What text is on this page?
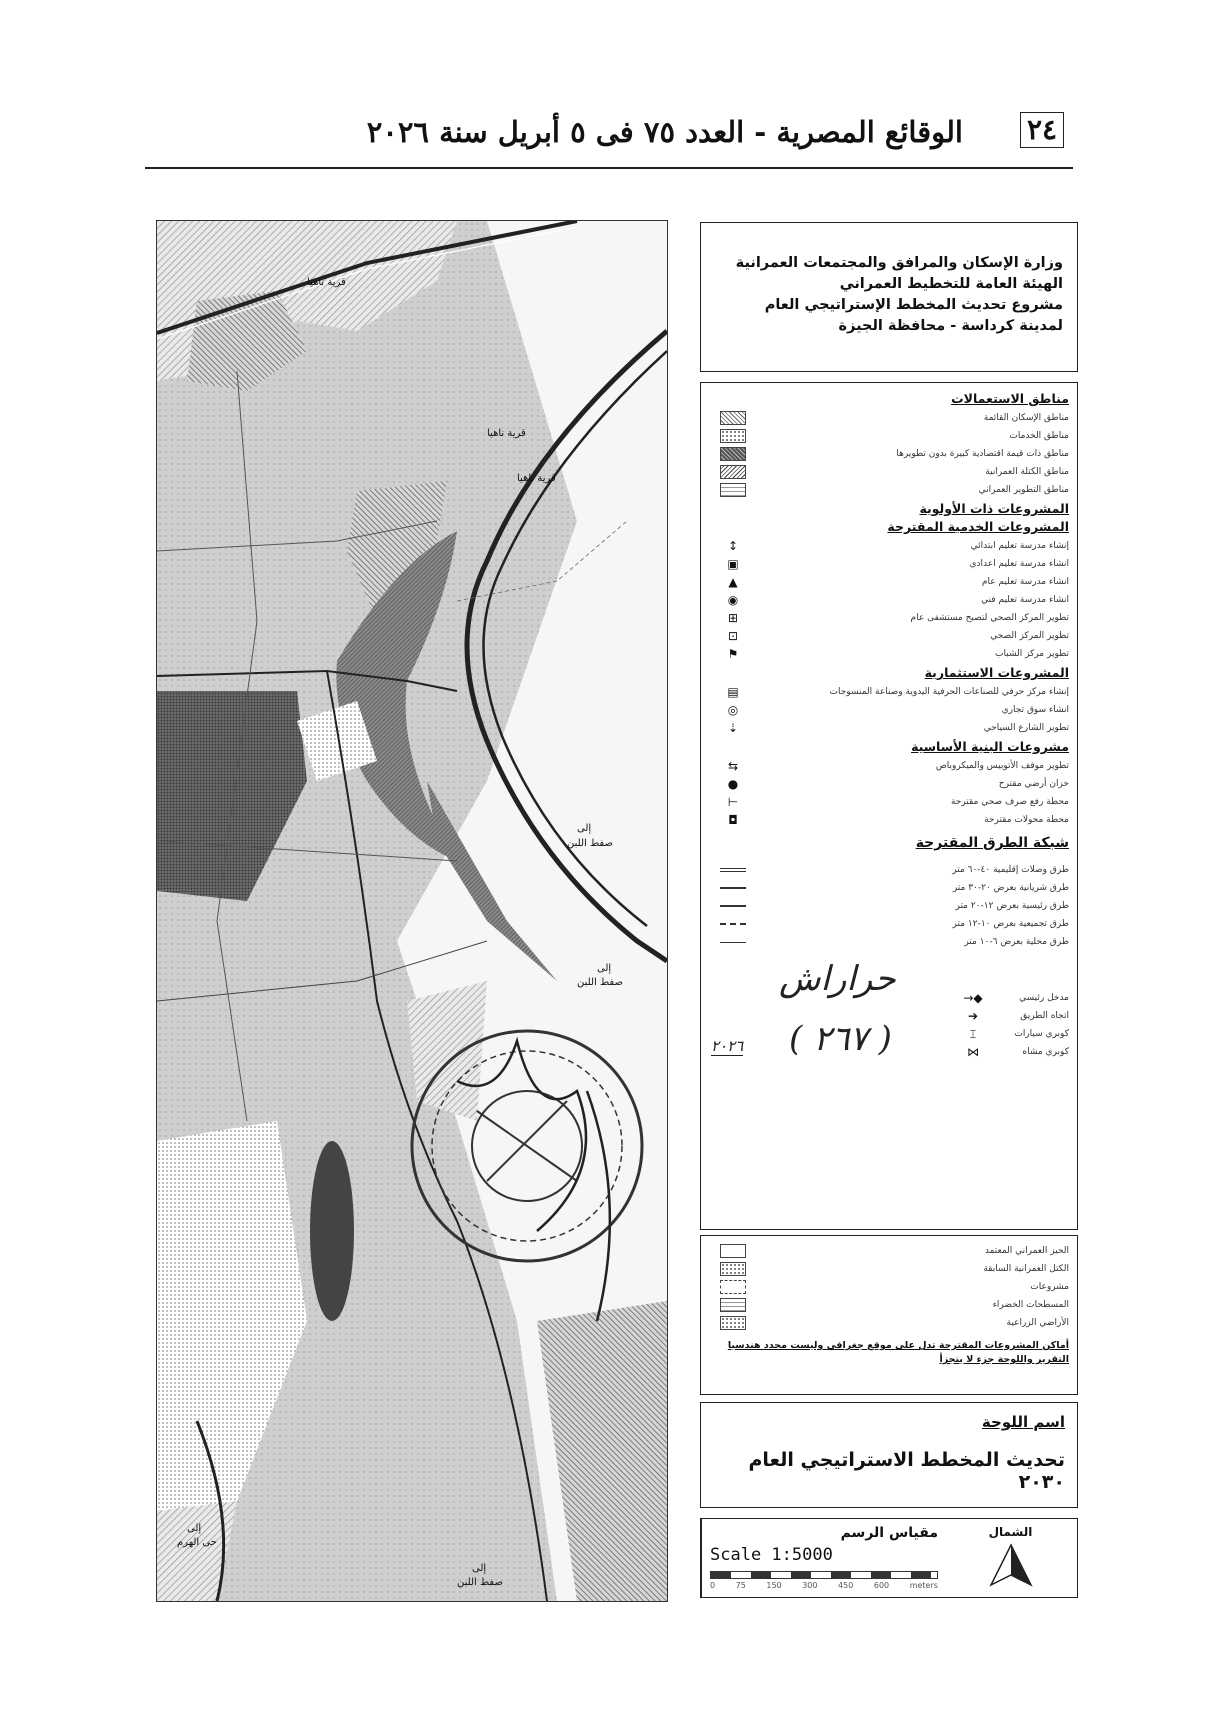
٢٤
الوقائع المصرية - العدد ٧٥ فى ٥ أبريل سنة ٢٠٢٦
قرية ناهيا
قرية ناهيا
قرية ناهيا
إلى
صفط اللبن
إلى
صفط اللبن
إلى
حى الهرم
إلى
صفط اللبن
وزارة الإسكان والمرافق والمجتمعات العمرانية
الهيئة العامة للتخطيط العمراني
مشروع تحديث المخطط الإستراتيجي العام
لمدينة كرداسة - محافظة الجيزة
مناطق الاستعمالات
مناطق الإسكان القائمة
مناطق الخدمات
مناطق ذات قيمة اقتصادية كبيرة بدون تطويرها
مناطق الكتلة العمرانية
مناطق التطوير العمراني
المشروعات ذات الأولوية
المشروعات الخدمية المقترحة
↕	إنشاء مدرسة تعليم ابتدائي
▣	انشاء مدرسة تعليم اعدادي
▲	انشاء مدرسة تعليم عام
◉	انشاء مدرسة تعليم فني
⊞	تطوير المركز الصحي لتصبح مستشفى عام
⊡	تطوير المركز الصحي
⚑	تطوير مركز الشباب
المشروعات الاستثمارية
▤	إنشاء مركز حرفي للصناعات الحرفية اليدوية وصناعة المنسوجات
◎	انشاء سوق تجاري
⇣	تطوير الشارع السياحي
مشروعات البنية الأساسية
⇆	تطوير موقف الأتوبيس والميكروباص
●	خزان أرضي مقترح
⊣	محطة رفع صرف صحي مقترحة
◘	محطة محولات مقترحة
شبكة الطرق المقترحة
طرق وصلات إقليمية ٤٠-٦٠ متر
طرق شريانية بعرض ٢٠-٣٠ متر
طرق رئيسية بعرض ١٢-٢٠ متر
طرق تجميعية بعرض ١٠-١٢ متر
طرق محلية بعرض ٦-١٠ متر
◆→	مدخل رئيسي
➔	اتجاه الطريق
⌶	كوبري سيارات
⋈	كوبري مشاه
حراراش
( ٢٦٧ )
٢٠٢٦
الحيز العمراني المعتمد
الكتل العمرانية السابقة
مشروعات
المسطحات الخضراء
الأراضي الزراعية
أماكن المشروعات المقترحة تدل على موقع جغرافي وليست محدد هندسيا
التقرير واللوحة جزء لا يتجزأ
اسم اللوحة
تحديث المخطط الاستراتيجي العام ٢٠٣٠
الشمال
مقياس الرسم
Scale 1:5000
0	75	150	300	450	600	meters
